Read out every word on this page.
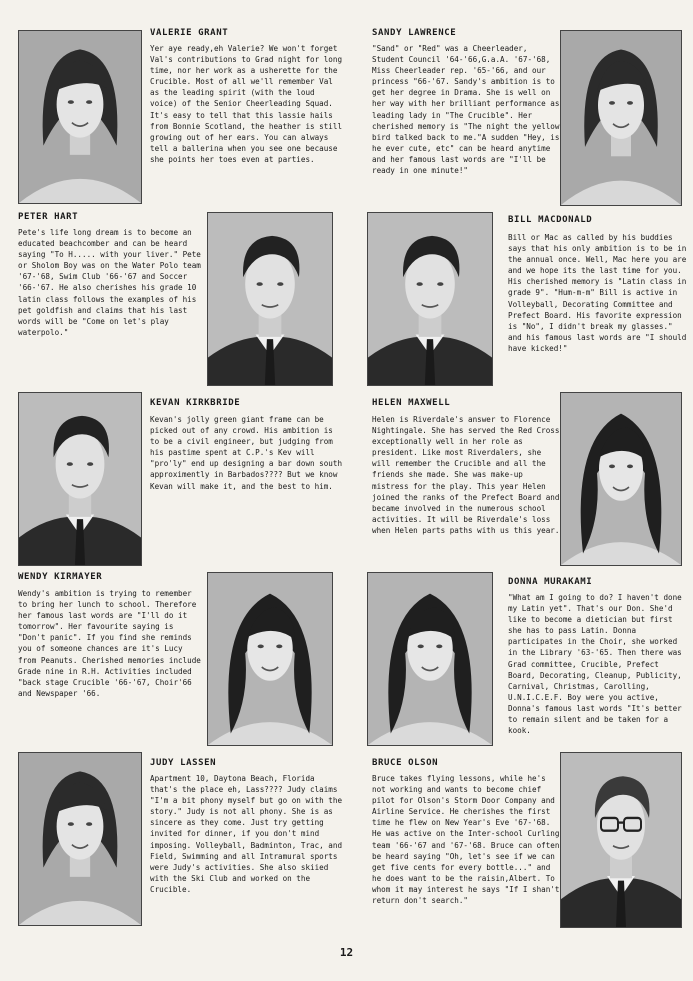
VALERIE GRANT

Yer aye ready,eh Valerie? We won't forget Val's contributions to Grad night for long time, nor her work as a usherette for the Crucible. Most of all we'll remember Val as the leading spirit (with the loud voice) of the Senior Cheerleading Squad. It's easy to tell that this lassie hails from Bonnie Scotland, the heather is still growing out of her ears. You can always tell a ballerina when you see one because she points her toes even at parties.

SANDY LAWRENCE

"Sand" or "Red" was a Cheerleader, Student Council '64-'66,G.a.A. '67-'68, Miss Cheerleader rep. '65-'66, and our princess "66-'67. Sandy's ambition is to get her degree in Drama. She is well on her way with her brilliant performance as leading lady in "The Crucible". Her cherished memory is "The night the yellow bird talked back to me."A sudden "Hey, is he ever cute, etc" can be heard anytime and her famous last words are "I'll be ready in one minute!"

PETER HART

Pete's life long dream is to become an educated beachcomber and can be heard saying "To H..... with your liver." Pete or Sholom Boy was on the Water Polo team '67-'68, Swim Club '66-'67 and Soccer '66-'67. He also cherishes his grade 10 latin class follows the examples of his pet goldfish and claims that his last words will be "Come on let's play waterpolo."

BILL MACDONALD

Bill or Mac as called by his buddies says that his only ambition is to be in the annual once. Well, Mac here you are and we hope its the last time for you. His cherished memory is "Latin class in grade 9". "Hum-m-m" Bill is active in Volleyball, Decorating Committee and Prefect Board. His favorite expression is "No", I didn't break my glasses." and his famous last words are "I should have kicked!"

KEVAN KIRKBRIDE

Kevan's jolly green giant frame can be picked out of any crowd. His ambition is to be a civil engineer, but judging from his pastime spent at C.P.'s Kev will "pro'ly" end up designing a bar down south approximently in Barbados???? But we know Kevan will make it, and the best to him.

HELEN MAXWELL

Helen is Riverdale's answer to Florence Nightingale. She has served the Red Cross exceptionally well in her role as president. Like most Riverdalers, she will remember the Crucible and all the friends she made. She was make-up mistress for the play. This year Helen joined the ranks of the Prefect Board and became involved in the numerous school activities. It will be Riverdale's loss when Helen parts paths with us this year.

WENDY KIRMAYER

Wendy's ambition is trying to remember to bring her lunch to school. Therefore her famous last words are "I'll do it tomorrow". Her favourite saying is "Don't panic". If you find she reminds you of someone chances are it's Lucy from Peanuts. Cherished memories include Grade nine in R.H. Activities included "back stage Crucible '66-'67, Choir'66 and Newspaper '66.

DONNA MURAKAMI

"What am I going to do? I haven't done my Latin yet". That's our Don. She'd like to become a dietician but first she has to pass Latin. Donna participates in the Choir, she worked in the Library '63-'65. Then there was Grad committee, Crucible, Prefect Board, Decorating, Cleanup, Publicity, Carnival, Christmas, Carolling, U.N.I.C.E.F. Boy were you active, Donna's famous last words "It's better to remain silent and be taken for a kook.

JUDY LASSEN

Apartment 10, Daytona Beach, Florida that's the place eh, Lass???? Judy claims "I'm a bit phony myself but go on with the story." Judy is not all phony. She is as sincere as they come. Just try getting invited for dinner, if you don't mind imposing. Volleyball, Badminton, Trac, and Field, Swimming and all Intramural sports were Judy's activities. She also skiied with the Ski Club and worked on the Crucible.

BRUCE OLSON

Bruce takes flying lessons, while he's not working and wants to become chief pilot for Olson's Storm Door Company and Airline Service. He cherishes the first time he flew on New Year's Eve '67-'68. He was active on the Inter-school Curling team '66-'67 and '67-'68. Bruce can often be heard saying "Oh, let's see if we can get five cents for every bottle..." and he does want to be the raisin,Albert. To whom it may interest he says "If I shan't return don't search."

12
